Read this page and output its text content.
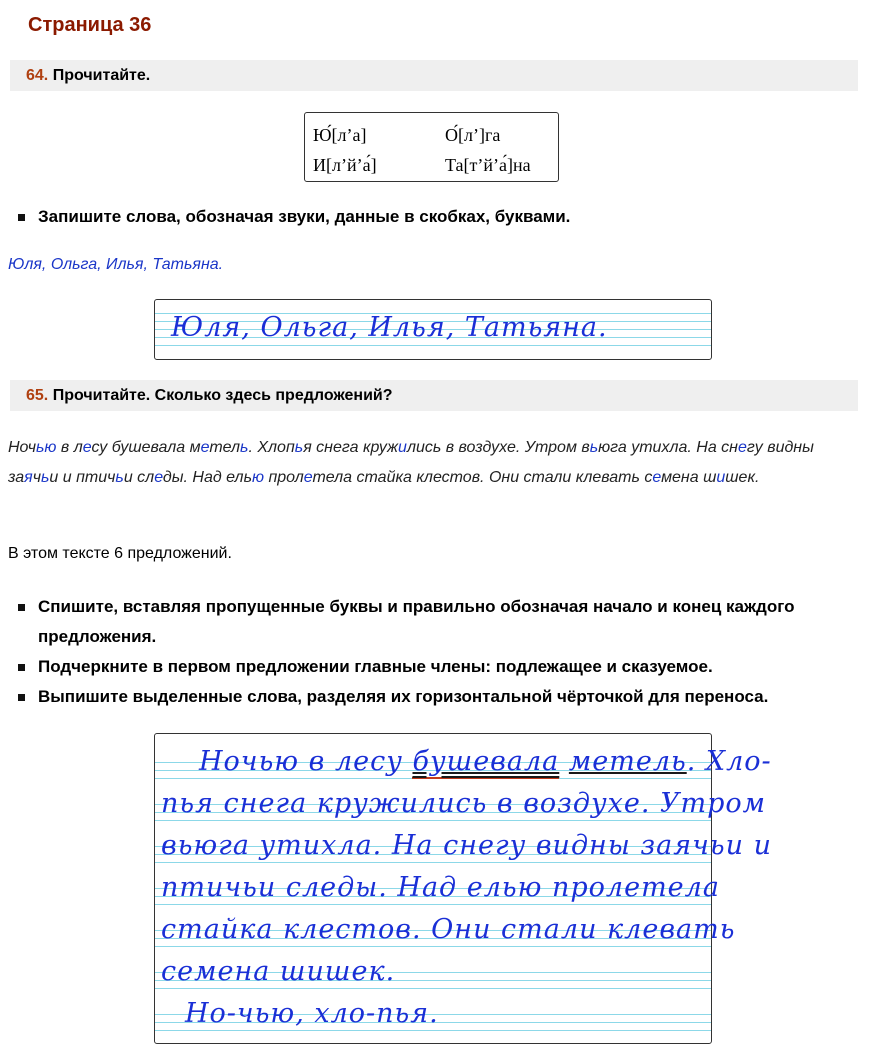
Страница 36
64. Прочитайте.
Ю́[л’а]	О́[л’]га
И[л’й’а́]	Та[т’й’а́]на
Запишите слова, обозначая звуки, данные в скобках, буквами.

Юля, Ольга, Илья, Татьяна.

Юля, Ольга, Илья, Татьяна.
65. Прочитайте. Сколько здесь предложений?

Ночью в лесу бушевала метель. Хлопья снега кружились в воздухе. Утром вьюга утихла. На снегу видны заячьи и птичьи следы. Над елью пролетела стайка клестов. Они стали клевать семена шишек.

В этом тексте 6 предложений.

Спишите, вставляя пропущенные буквы и правильно обозначая начало и конец каждого предложения.
Подчеркните в первом предложении главные члены: подлежащее и сказуемое.
Выпишите выделенные слова, разделяя их горизонтальной чёрточкой для переноса.
Ночью в лесу бушевала метель. Хло-
пья снега кружились в воздухе. Утром
вьюга утихла. На снегу видны заячьи и
птичьи следы. Над елью пролетела
стайка клестов. Они стали клевать
семена шишек.
Но-чью, хло-пья.
